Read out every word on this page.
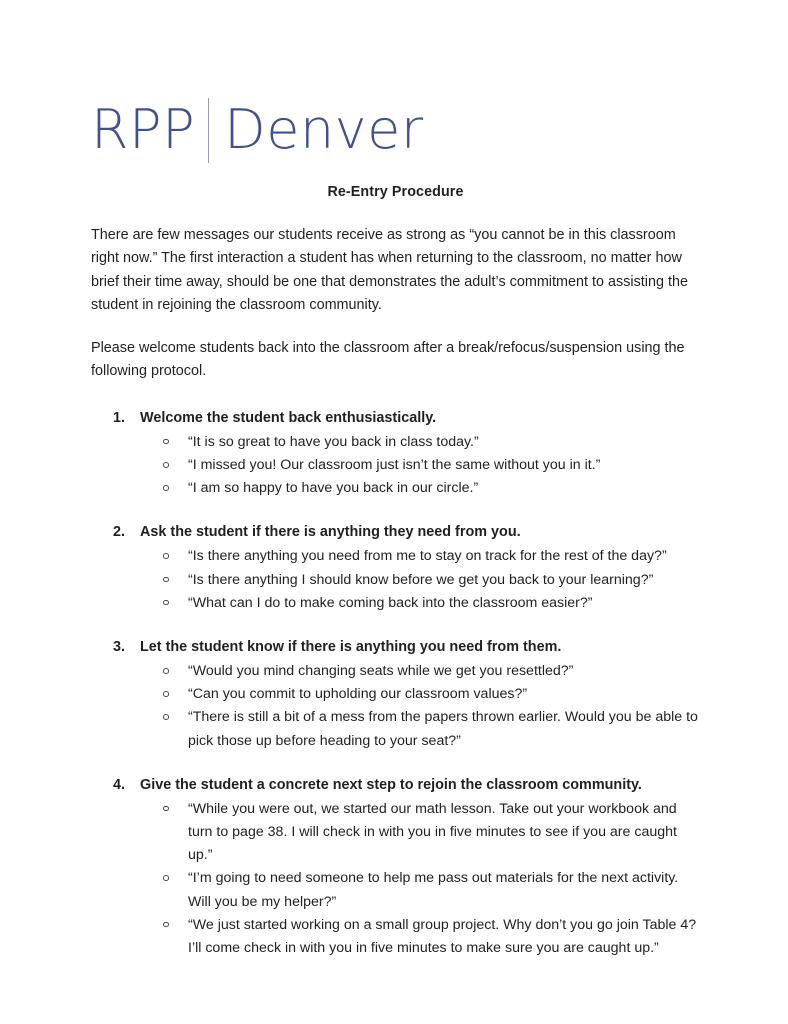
RPP Denver
Re-Entry Procedure

There are few messages our students receive as strong as “you cannot be in this classroom right now.” The first interaction a student has when returning to the classroom, no matter how brief their time away, should be one that demonstrates the adult’s commitment to assisting the student in rejoining the classroom community.

Please welcome students back into the classroom after a break/refocus/suspension using the following protocol.

1. Welcome the student back enthusiastically.
“It is so great to have you back in class today.”
“I missed you! Our classroom just isn’t the same without you in it.”
“I am so happy to have you back in our circle.”
2. Ask the student if there is anything they need from you.
“Is there anything you need from me to stay on track for the rest of the day?”
“Is there anything I should know before we get you back to your learning?”
“What can I do to make coming back into the classroom easier?”
3. Let the student know if there is anything you need from them.
“Would you mind changing seats while we get you resettled?”
“Can you commit to upholding our classroom values?”
“There is still a bit of a mess from the papers thrown earlier. Would you be able to pick those up before heading to your seat?”
4. Give the student a concrete next step to rejoin the classroom community.
“While you were out, we started our math lesson. Take out your workbook and turn to page 38. I will check in with you in five minutes to see if you are caught up.”
“I’m going to need someone to help me pass out materials for the next activity. Will you be my helper?”
“We just started working on a small group project. Why don’t you go join Table 4? I’ll come check in with you in five minutes to make sure you are caught up.”
